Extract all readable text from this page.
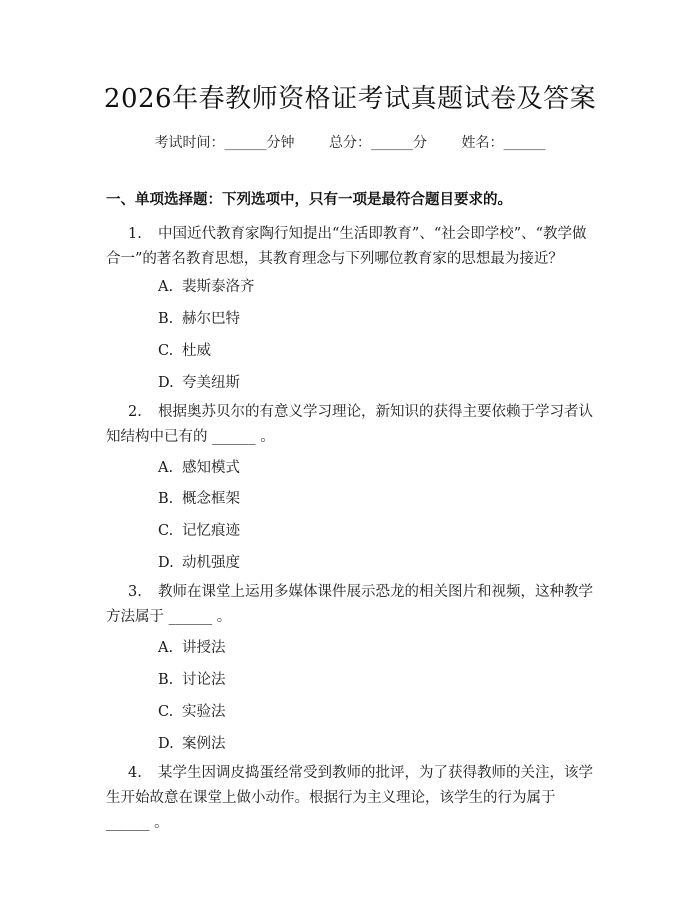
2026年春教师资格证考试真题试卷及答案
考试时间：______分钟 总分：______分 姓名：______
一、单项选择题：下列选项中，只有一项是最符合题目要求的。
1. 中国近代教育家陶行知提出“生活即教育”、“社会即学校”、“教学做合一”的著名教育思想，其教育理念与下列哪位教育家的思想最为接近？
A. 裴斯泰洛齐
B. 赫尔巴特
C. 杜威
D. 夸美纽斯
2. 根据奥苏贝尔的有意义学习理论，新知识的获得主要依赖于学习者认知结构中已有的 ______ 。
A. 感知模式
B. 概念框架
C. 记忆痕迹
D. 动机强度
3. 教师在课堂上运用多媒体课件展示恐龙的相关图片和视频，这种教学方法属于 ______ 。
A. 讲授法
B. 讨论法
C. 实验法
D. 案例法
4. 某学生因调皮捣蛋经常受到教师的批评，为了获得教师的关注，该学生开始故意在课堂上做小动作。根据行为主义理论，该学生的行为属于 ______ 。
